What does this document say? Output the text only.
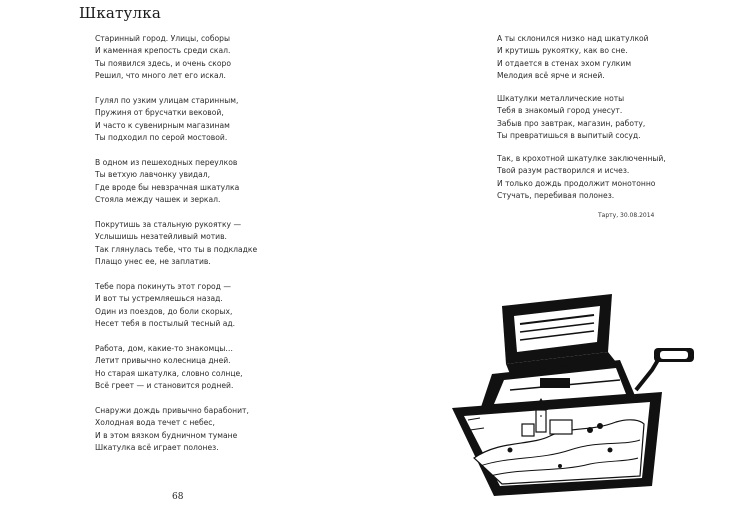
Шкатулка
Старинный город. Улицы, соборы
И каменная крепость среди скал.
Ты появился здесь, и очень скоро
Решил, что много лет его искал.
Гулял по узким улицам старинным,
Пружиня от брусчатки вековой,
И часто к сувенирным магазинам
Ты подходил по серой мостовой.
В одном из пешеходных переулков
Ты ветхую лавчонку увидал,
Где вроде бы невзрачная шкатулка
Стояла между чашек и зеркал.
Покрутишь за стальную рукоятку —
Услышишь незатейливый мотив.
Так глянулась тебе, что ты в подкладке
Плащо унес ее, не заплатив.
Тебе пора покинуть этот город —
И вот ты устремляешься назад.
Один из поездов, до боли скорых,
Несет тебя в постылый тесный ад.
Работа, дом, какие-то знакомцы…
Летит привычно колесница дней.
Но старая шкатулка, словно солнце,
Всё греет — и становится родней.
Снаружи дождь привычно барабонит,
Холодная вода течет с небес,
И в этом вязком будничном тумане
Шкатулка всё играет полонез.
68
А ты склонился низко над шкатулкой
И крутишь рукоятку, как во сне.
И отдается в стенах эхом гулким
Мелодия всё ярче и ясней.
Шкатулки металлические ноты
Тебя в знакомый город унесут.
Забыв про завтрак, магазин, работу,
Ты превратишься в выпитый сосуд.
Так, в крохотной шкатулке заключенный,
Твой разум растворился и исчез.
И только дождь продолжит монотонно
Стучать, перебивая полонез.
Тарту, 30.08.2014
